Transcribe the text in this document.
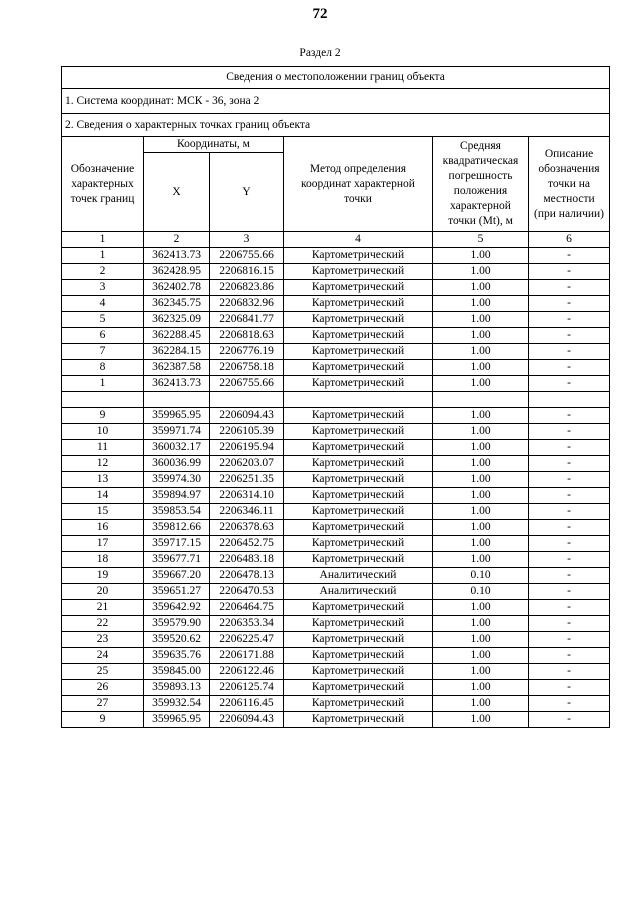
72
Раздел 2
Сведения о местоположении границ объекта					
1. Система координат: МСК - 36, зона 2					
2. Сведения о характерных точках границ объекта					
Обозначение характерных точек границ	Координаты, м		Метод определения координат характерной точки	Средняя квадратическая погрешность положения характерной точки (Mt), м	Описание обозначения точки на местности (при наличии)
	X	Y			
1	2	3	4	5	6
1	362413.73	2206755.66	Картометрический	1.00	-
2	362428.95	2206816.15	Картометрический	1.00	-
3	362402.78	2206823.86	Картометрический	1.00	-
4	362345.75	2206832.96	Картометрический	1.00	-
5	362325.09	2206841.77	Картометрический	1.00	-
6	362288.45	2206818.63	Картометрический	1.00	-
7	362284.15	2206776.19	Картометрический	1.00	-
8	362387.58	2206758.18	Картометрический	1.00	-
1	362413.73	2206755.66	Картометрический	1.00	-

9	359965.95	2206094.43	Картометрический	1.00	-
10	359971.74	2206105.39	Картометрический	1.00	-
11	360032.17	2206195.94	Картометрический	1.00	-
12	360036.99	2206203.07	Картометрический	1.00	-
13	359974.30	2206251.35	Картометрический	1.00	-
14	359894.97	2206314.10	Картометрический	1.00	-
15	359853.54	2206346.11	Картометрический	1.00	-
16	359812.66	2206378.63	Картометрический	1.00	-
17	359717.15	2206452.75	Картометрический	1.00	-
18	359677.71	2206483.18	Картометрический	1.00	-
19	359667.20	2206478.13	Аналитический	0.10	-
20	359651.27	2206470.53	Аналитический	0.10	-
21	359642.92	2206464.75	Картометрический	1.00	-
22	359579.90	2206353.34	Картометрический	1.00	-
23	359520.62	2206225.47	Картометрический	1.00	-
24	359635.76	2206171.88	Картометрический	1.00	-
25	359845.00	2206122.46	Картометрический	1.00	-
26	359893.13	2206125.74	Картометрический	1.00	-
27	359932.54	2206116.45	Картометрический	1.00	-
9	359965.95	2206094.43	Картометрический	1.00	-
